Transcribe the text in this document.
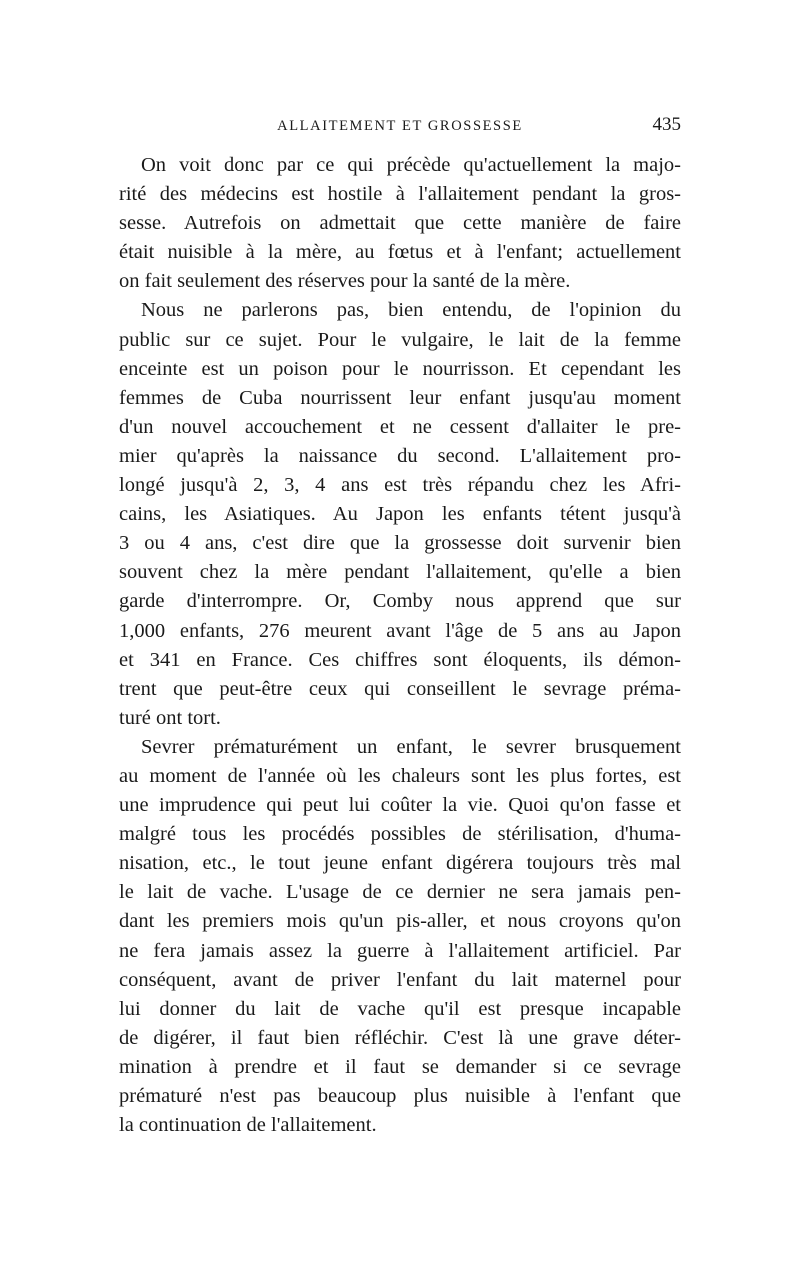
ALLAITEMENT ET GROSSESSE	435
On voit donc par ce qui précède qu'actuellement la majo-
rité des médecins est hostile à l'allaitement pendant la gros-
sesse. Autrefois on admettait que cette manière de faire
était nuisible à la mère, au fœtus et à l'enfant; actuellement
on fait seulement des réserves pour la santé de la mère.
Nous ne parlerons pas, bien entendu, de l'opinion du
public sur ce sujet. Pour le vulgaire, le lait de la femme
enceinte est un poison pour le nourrisson. Et cependant les
femmes de Cuba nourrissent leur enfant jusqu'au moment
d'un nouvel accouchement et ne cessent d'allaiter le pre-
mier qu'après la naissance du second. L'allaitement pro-
longé jusqu'à 2, 3, 4 ans est très répandu chez les Afri-
cains, les Asiatiques. Au Japon les enfants tétent jusqu'à
3 ou 4 ans, c'est dire que la grossesse doit survenir bien
souvent chez la mère pendant l'allaitement, qu'elle a bien
garde d'interrompre. Or, Comby nous apprend que sur
1,000 enfants, 276 meurent avant l'âge de 5 ans au Japon
et 341 en France. Ces chiffres sont éloquents, ils démon-
trent que peut-être ceux qui conseillent le sevrage préma-
turé ont tort.
Sevrer prématurément un enfant, le sevrer brusquement
au moment de l'année où les chaleurs sont les plus fortes, est
une imprudence qui peut lui coûter la vie. Quoi qu'on fasse et
malgré tous les procédés possibles de stérilisation, d'huma-
nisation, etc., le tout jeune enfant digérera toujours très mal
le lait de vache. L'usage de ce dernier ne sera jamais pen-
dant les premiers mois qu'un pis-aller, et nous croyons qu'on
ne fera jamais assez la guerre à l'allaitement artificiel. Par
conséquent, avant de priver l'enfant du lait maternel pour
lui donner du lait de vache qu'il est presque incapable
de digérer, il faut bien réfléchir. C'est là une grave déter-
mination à prendre et il faut se demander si ce sevrage
prématuré n'est pas beaucoup plus nuisible à l'enfant que
la continuation de l'allaitement.
